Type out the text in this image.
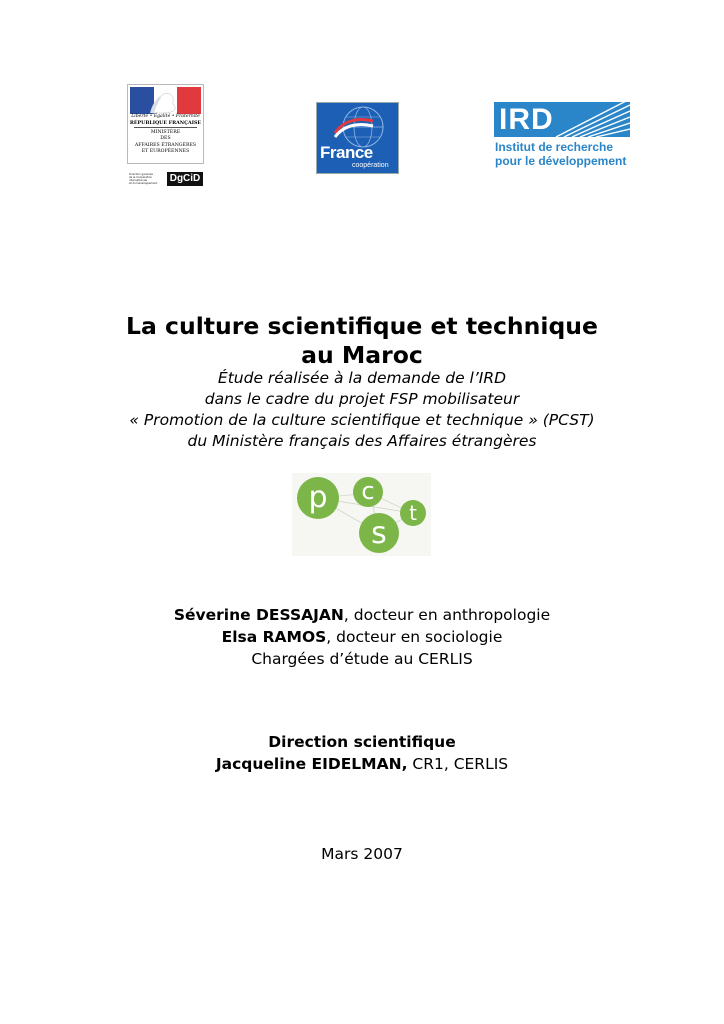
Liberté • Égalité • Fraternité
RÉPUBLIQUE FRANÇAISE
MINISTÈRE
DES
AFFAIRES ÉTRANGÈRES
ET EUROPÉENNES
Direction générale
de la Coopération internationale
et du Développement	DgCiD
France
coopération
IRD
Institut de recherche
pour le développement
La culture scientifique et technique
au Maroc
Étude réalisée à la demande de l’IRD
dans le cadre du projet FSP mobilisateur
« Promotion de la culture scientifique et technique » (PCST)
du Ministère français des Affaires étrangères
p c
s
t
Séverine DESSAJAN, docteur en anthropologie
Elsa RAMOS, docteur en sociologie
Chargées d’étude au CERLIS
Direction scientifique
Jacqueline EIDELMAN, CR1, CERLIS
Mars 2007
